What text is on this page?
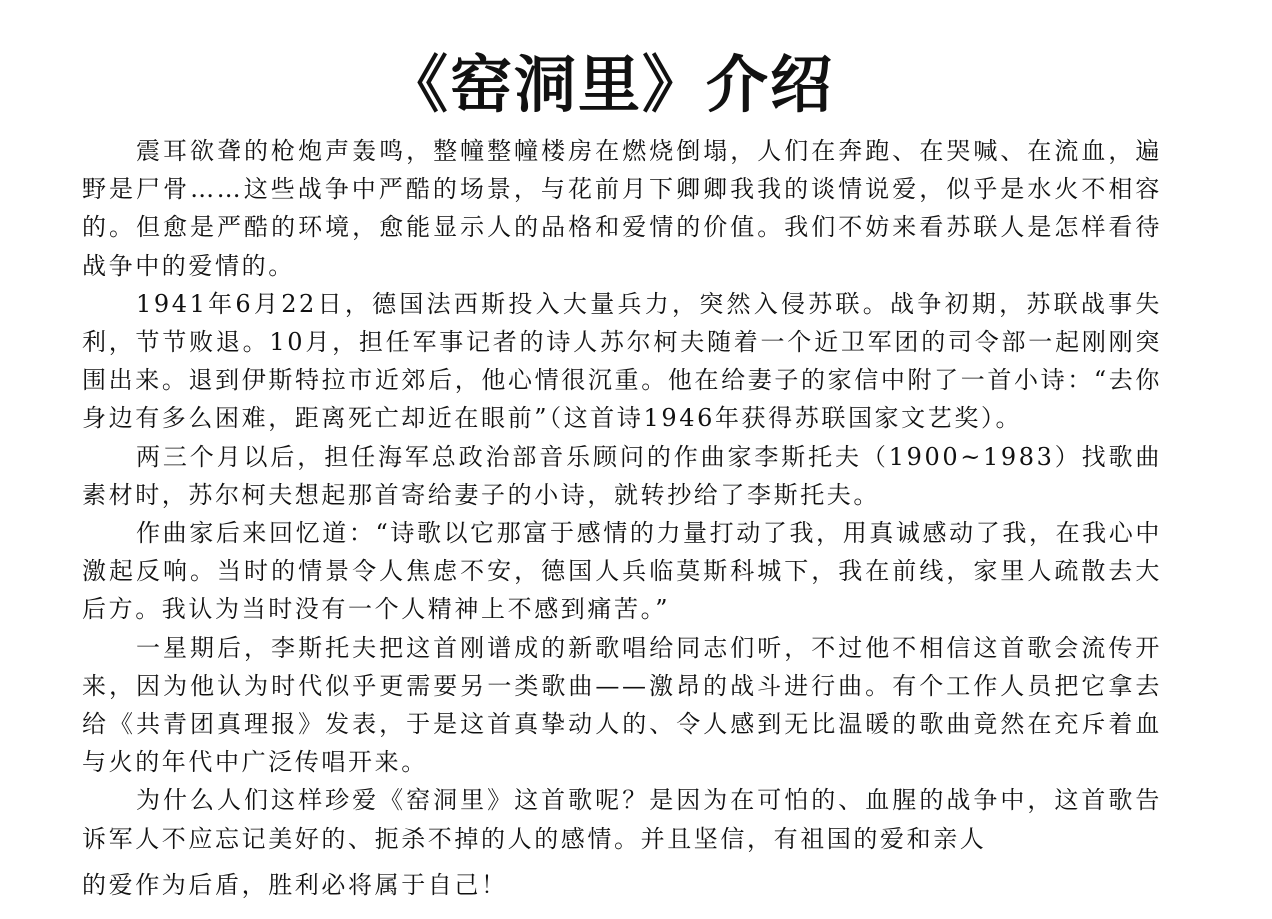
《窑洞里》介绍

震耳欲聋的枪炮声轰鸣，整幢整幢楼房在燃烧倒塌，人们在奔跑、在哭喊、在流血，遍野是尸骨……这些战争中严酷的场景，与花前月下卿卿我我的谈情说爱，似乎是水火不相容的。但愈是严酷的环境，愈能显示人的品格和爱情的价值。我们不妨来看苏联人是怎样看待战争中的爱情的。

1941年6月22日，德国法西斯投入大量兵力，突然入侵苏联。战争初期，苏联战事失利，节节败退。10月，担任军事记者的诗人苏尔柯夫随着一个近卫军团的司令部一起刚刚突围出来。退到伊斯特拉市近郊后，他心情很沉重。他在给妻子的家信中附了一首小诗：“去你身边有多么困难，距离死亡却近在眼前”（这首诗1946年获得苏联国家文艺奖）。

两三个月以后，担任海军总政治部音乐顾问的作曲家李斯托夫（1900~1983）找歌曲素材时，苏尔柯夫想起那首寄给妻子的小诗，就转抄给了李斯托夫。

作曲家后来回忆道：“诗歌以它那富于感情的力量打动了我，用真诚感动了我，在我心中激起反响。当时的情景令人焦虑不安，德国人兵临莫斯科城下，我在前线，家里人疏散去大后方。我认为当时没有一个人精神上不感到痛苦。”

一星期后，李斯托夫把这首刚谱成的新歌唱给同志们听，不过他不相信这首歌会流传开来，因为他认为时代似乎更需要另一类歌曲——激昂的战斗进行曲。有个工作人员把它拿去给《共青团真理报》发表，于是这首真挚动人的、令人感到无比温暖的歌曲竟然在充斥着血与火的年代中广泛传唱开来。

为什么人们这样珍爱《窑洞里》这首歌呢？是因为在可怕的、血腥的战争中，这首歌告诉军人不应忘记美好的、扼杀不掉的人的感情。并且坚信，有祖国的爱和亲人

的爱作为后盾，胜利必将属于自己！
